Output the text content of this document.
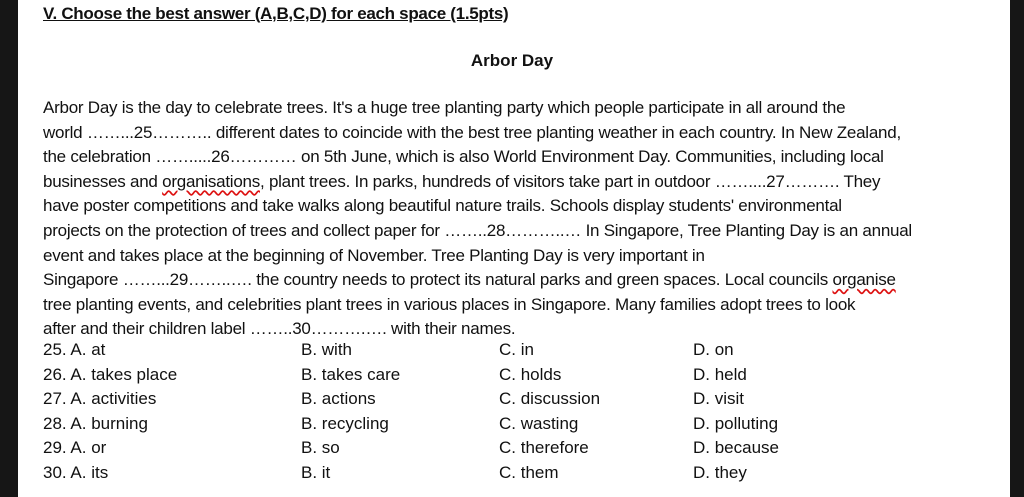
V. Choose the best answer (A,B,C,D) for each space (1.5pts)
Arbor Day
Arbor Day is the day to celebrate trees. It's a huge tree planting party which people participate in all around the
world ……...25……….. different dates to coincide with the best tree planting weather in each country. In New Zealand,
the celebration …….....26………… on 5th June, which is also World Environment Day. Communities, including local
businesses and organisations, plant trees. In parks, hundreds of visitors take part in outdoor ……....27………. They
have poster competitions and take walks along beautiful nature trails. Schools display students' environmental
projects on the protection of trees and collect paper for ……..28………..… In Singapore, Tree Planting Day is an annual
event and takes place at the beginning of November. Tree Planting Day is very important in
Singapore ……...29……..…. the country needs to protect its natural parks and green spaces. Local councils organise
tree planting events, and celebrities plant trees in various places in Singapore. Many families adopt trees to look
after and their children label ……..30……….…. with their names.
25. A. at	B. with	C. in	D. on
26. A. takes place	B. takes care	C. holds	D. held
27. A. activities	B. actions	C. discussion	D. visit
28. A. burning	B. recycling	C. wasting	D. polluting
29. A. or	B. so	C. therefore	D. because
30. A. its	B. it	C. them	D. they
